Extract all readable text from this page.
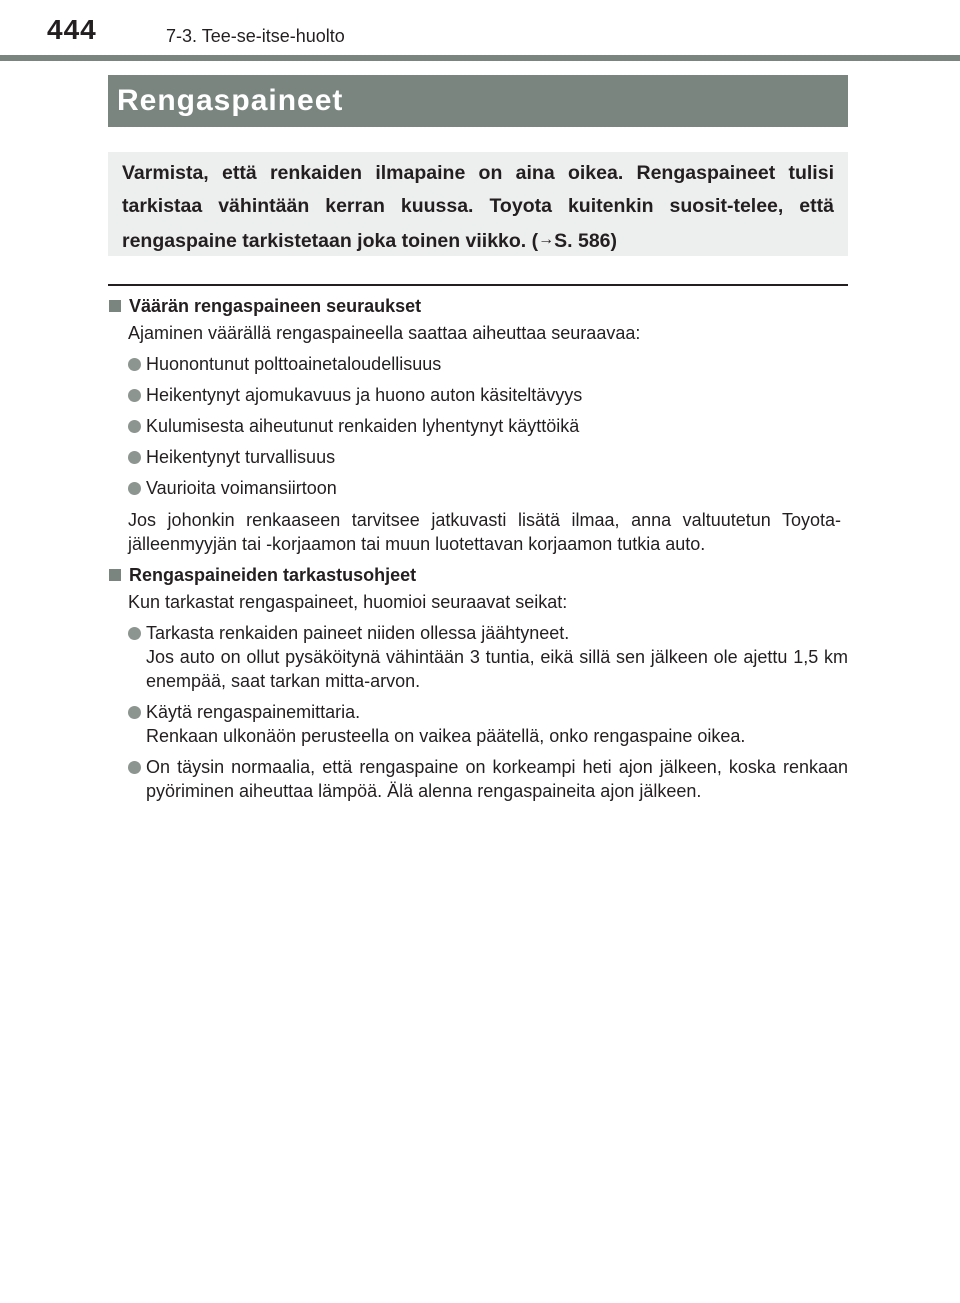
444	7-3. Tee-se-itse-huolto
Rengaspaineet

Varmista, että renkaiden ilmapaine on aina oikea. Rengaspaineet tulisi tarkistaa vähintään kerran kuussa. Toyota kuitenkin suosit-telee, että rengaspaine tarkistetaan joka toinen viikko. (→S. 586)

Väärän rengaspaineen seuraukset
Ajaminen väärällä rengaspaineella saattaa aiheuttaa seuraavaa:
Huonontunut polttoainetaloudellisuus
Heikentynyt ajomukavuus ja huono auton käsiteltävyys
Kulumisesta aiheutunut renkaiden lyhentynyt käyttöikä
Heikentynyt turvallisuus
Vaurioita voimansiirtoon
Jos johonkin renkaaseen tarvitsee jatkuvasti lisätä ilmaa, anna valtuutetun Toyota-jälleenmyyjän tai -korjaamon tai muun luotettavan korjaamon tutkia auto.
Rengaspaineiden tarkastusohjeet
Kun tarkastat rengaspaineet, huomioi seuraavat seikat:
Tarkasta renkaiden paineet niiden ollessa jäähtyneet.
Jos auto on ollut pysäköitynä vähintään 3 tuntia, eikä sillä sen jälkeen ole ajettu 1,5 km enempää, saat tarkan mitta-arvon.
Käytä rengaspainemittaria.
Renkaan ulkonäön perusteella on vaikea päätellä, onko rengaspaine oikea.
On täysin normaalia, että rengaspaine on korkeampi heti ajon jälkeen, koska renkaan pyöriminen aiheuttaa lämpöä. Älä alenna rengaspaineita ajon jälkeen.
